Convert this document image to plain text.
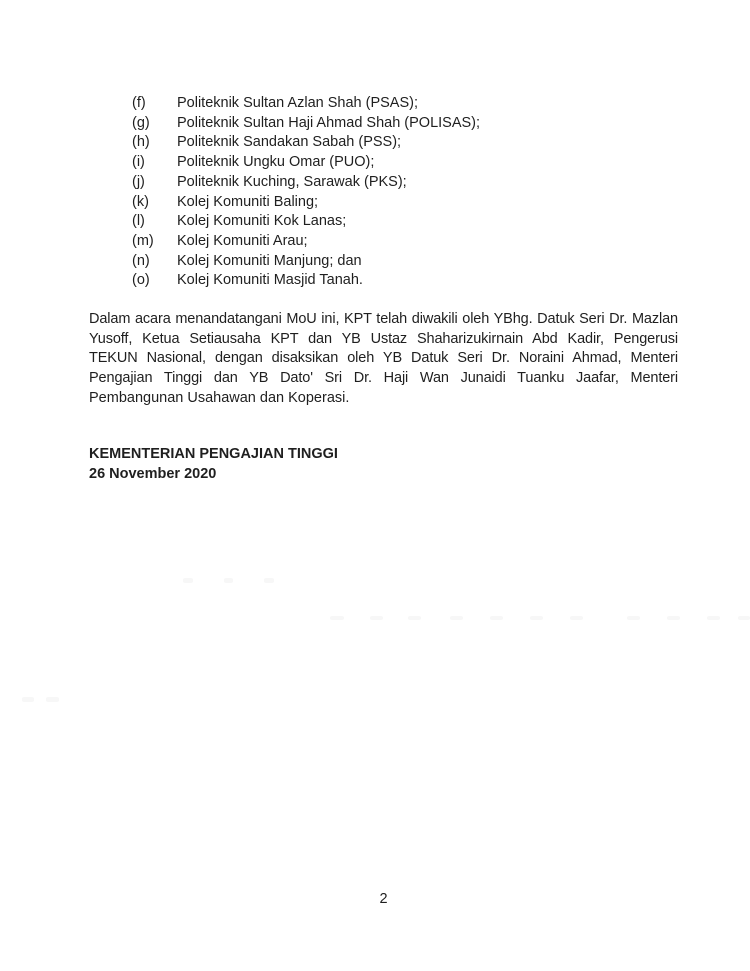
(f)	Politeknik Sultan Azlan Shah (PSAS);
(g)	Politeknik Sultan Haji Ahmad Shah (POLISAS);
(h)	Politeknik Sandakan Sabah (PSS);
(i)	Politeknik Ungku Omar (PUO);
(j)	Politeknik Kuching, Sarawak (PKS);
(k)	Kolej Komuniti Baling;
(l)	Kolej Komuniti Kok Lanas;
(m)	Kolej Komuniti Arau;
(n)	Kolej Komuniti Manjung; dan
(o)	Kolej Komuniti Masjid Tanah.
Dalam acara menandatangani MoU ini, KPT telah diwakili oleh YBhg. Datuk Seri Dr. Mazlan
Yusoff, Ketua Setiausaha KPT dan YB Ustaz Shaharizukirnain Abd Kadir, Pengerusi
TEKUN Nasional, dengan disaksikan oleh YB Datuk Seri Dr. Noraini Ahmad, Menteri
Pengajian Tinggi dan YB Dato' Sri Dr. Haji Wan Junaidi Tuanku Jaafar, Menteri
Pembangunan Usahawan dan Koperasi.
KEMENTERIAN PENGAJIAN TINGGI
26 November 2020
2
